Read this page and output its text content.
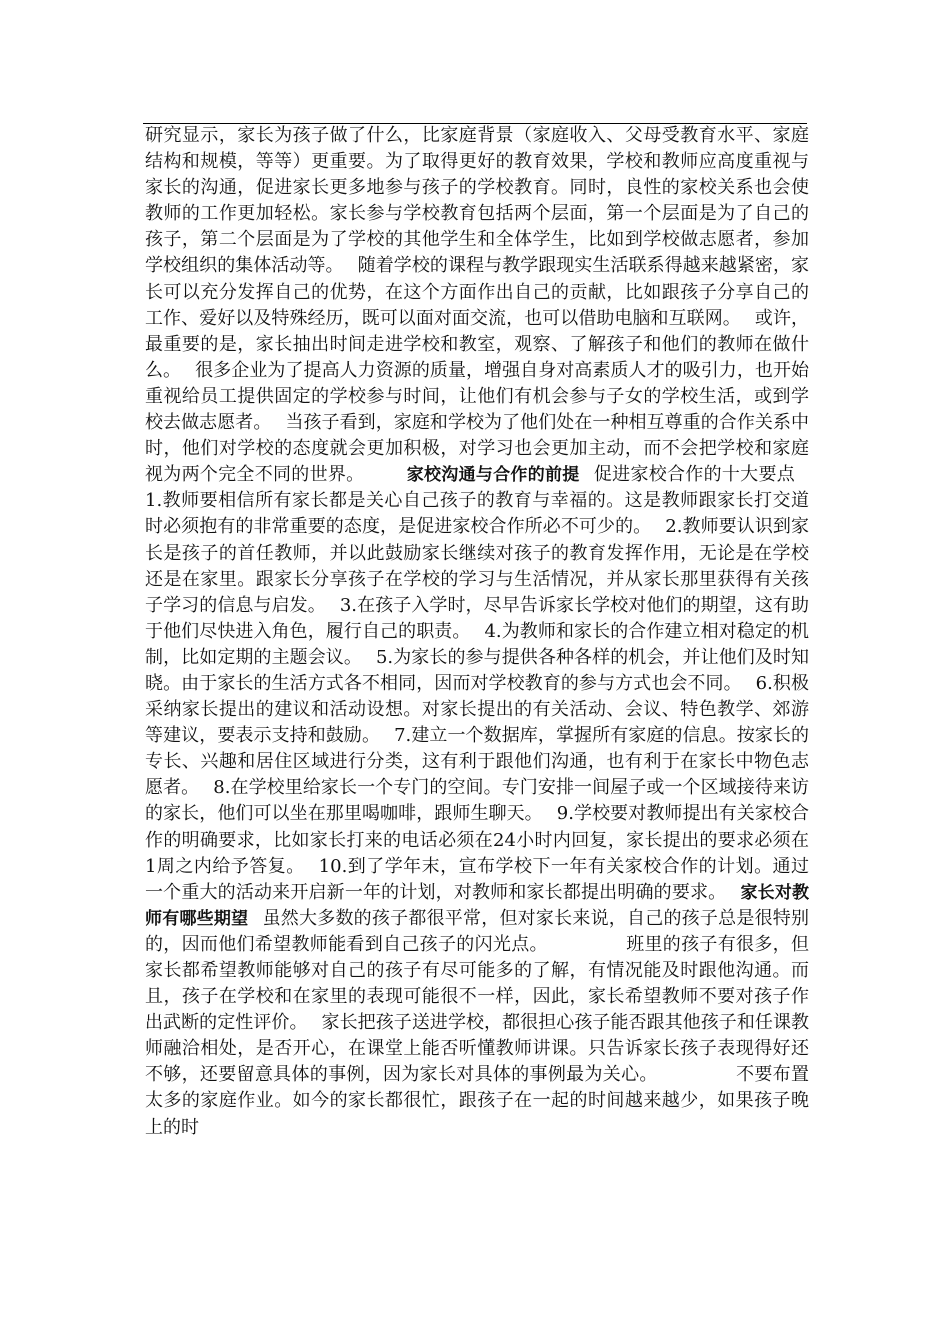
研究显示，家长为孩子做了什么，比家庭背景（家庭收入、父母受教育水平、家庭结构和规模，等等）更重要。为了取得更好的教育效果，学校和教师应高度重视与家长的沟通，促进家长更多地参与孩子的学校教育。同时，良性的家校关系也会使教师的工作更加轻松。家长参与学校教育包括两个层面，第一个层面是为了自己的孩子，第二个层面是为了学校的其他学生和全体学生，比如到学校做志愿者，参加学校组织的集体活动等。 随着学校的课程与教学跟现实生活联系得越来越紧密，家长可以充分发挥自己的优势，在这个方面作出自己的贡献，比如跟孩子分享自己的工作、爱好以及特殊经历，既可以面对面交流，也可以借助电脑和互联网。 或许，最重要的是，家长抽出时间走进学校和教室，观察、了解孩子和他们的教师在做什么。 很多企业为了提高人力资源的质量，增强自身对高素质人才的吸引力，也开始重视给员工提供固定的学校参与时间，让他们有机会参与子女的学校生活，或到学校去做志愿者。 当孩子看到，家庭和学校为了他们处在一种相互尊重的合作关系中时，他们对学校的态度就会更加积极，对学习也会更加主动，而不会把学校和家庭视为两个完全不同的世界。 家校沟通与合作的前提 促进家校合作的十大要点1.教师要相信所有家长都是关心自己孩子的教育与幸福的。这是教师跟家长打交道时必须抱有的非常重要的态度，是促进家校合作所必不可少的。 2.教师要认识到家长是孩子的首任教师，并以此鼓励家长继续对孩子的教育发挥作用，无论是在学校还是在家里。跟家长分享孩子在学校的学习与生活情况，并从家长那里获得有关孩子学习的信息与启发。 3.在孩子入学时，尽早告诉家长学校对他们的期望，这有助于他们尽快进入角色，履行自己的职责。 4.为教师和家长的合作建立相对稳定的机制，比如定期的主题会议。 5.为家长的参与提供各种各样的机会，并让他们及时知晓。由于家长的生活方式各不相同，因而对学校教育的参与方式也会不同。 6.积极采纳家长提出的建议和活动设想。对家长提出的有关活动、会议、特色教学、郊游等建议，要表示支持和鼓励。 7.建立一个数据库，掌握所有家庭的信息。按家长的专长、兴趣和居住区域进行分类，这有利于跟他们沟通，也有利于在家长中物色志愿者。 8.在学校里给家长一个专门的空间。专门安排一间屋子或一个区域接待来访的家长，他们可以坐在那里喝咖啡，跟师生聊天。 9.学校要对教师提出有关家校合作的明确要求，比如家长打来的电话必须在24小时内回复，家长提出的要求必须在1周之内给予答复。 10.到了学年末，宣布学校下一年有关家校合作的计划。通过一个重大的活动来开启新一年的计划，对教师和家长都提出明确的要求。 家长对教师有哪些期望 虽然大多数的孩子都很平常，但对家长来说，自己的孩子总是很特别的，因而他们希望教师能看到自己孩子的闪光点。	班里的孩子有很多，但家长都希望教师能够对自己的孩子有尽可能多的了解，有情况能及时跟他沟通。而且，孩子在学校和在家里的表现可能很不一样，因此，家长希望教师不要对孩子作出武断的定性评价。 家长把孩子送进学校，都很担心孩子能否跟其他孩子和任课教师融洽相处，是否开心，在课堂上能否听懂教师讲课。只告诉家长孩子表现得好还不够，还要留意具体的事例，因为家长对具体的事例最为关心。	不要布置太多的家庭作业。如今的家长都很忙，跟孩子在一起的时间越来越少，如果孩子晚上的时
